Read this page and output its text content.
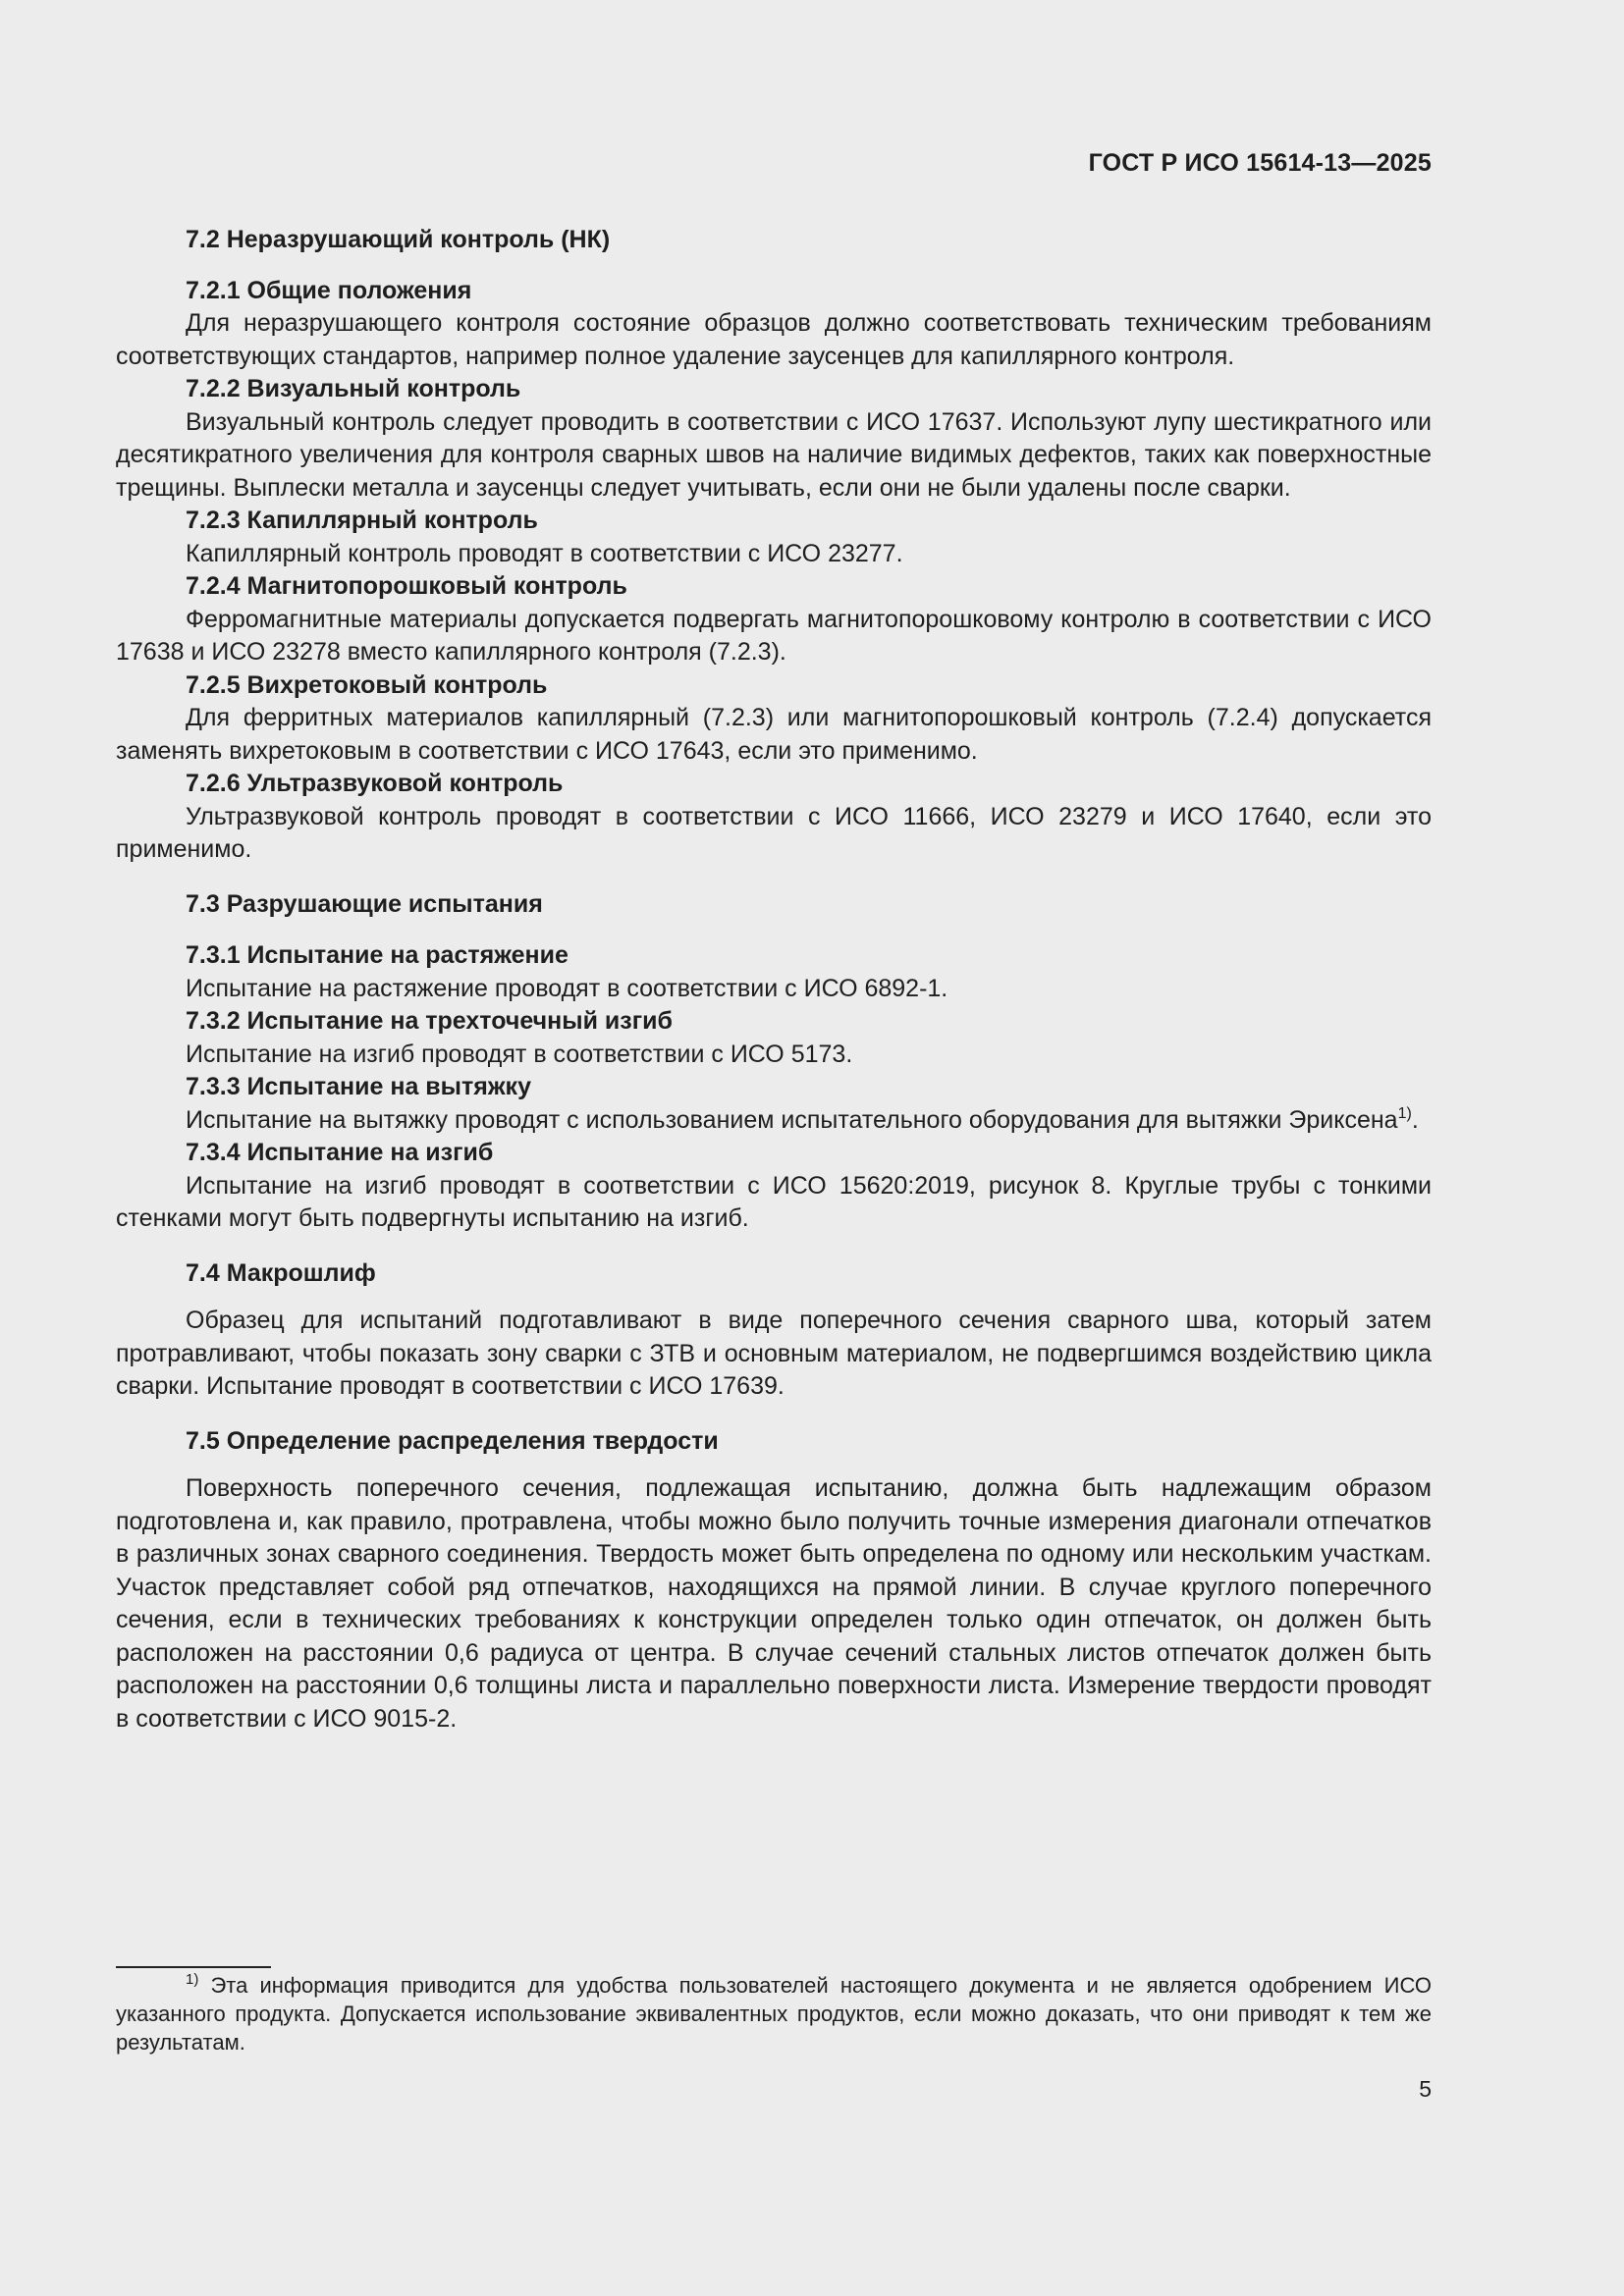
ГОСТ Р ИСО 15614-13—2025

7.2 Неразрушающий контроль (НК)

7.2.1 Общие положения

Для неразрушающего контроля состояние образцов должно соответствовать техническим требованиям соответствующих стандартов, например полное удаление заусенцев для капиллярного контроля.

7.2.2 Визуальный контроль

Визуальный контроль следует проводить в соответствии с ИСО 17637. Используют лупу шестикратного или десятикратного увеличения для контроля сварных швов на наличие видимых дефектов, таких как поверхностные трещины. Выплески металла и заусенцы следует учитывать, если они не были удалены после сварки.

7.2.3 Капиллярный контроль

Капиллярный контроль проводят в соответствии с ИСО 23277.

7.2.4 Магнитопорошковый контроль

Ферромагнитные материалы допускается подвергать магнитопорошковому контролю в соответствии с ИСО 17638 и ИСО 23278 вместо капиллярного контроля (7.2.3).

7.2.5 Вихретоковый контроль

Для ферритных материалов капиллярный (7.2.3) или магнитопорошковый контроль (7.2.4) допускается заменять вихретоковым в соответствии с ИСО 17643, если это применимо.

7.2.6 Ультразвуковой контроль

Ультразвуковой контроль проводят в соответствии с ИСО 11666, ИСО 23279 и ИСО 17640, если это применимо.

7.3 Разрушающие испытания

7.3.1 Испытание на растяжение

Испытание на растяжение проводят в соответствии с ИСО 6892-1.

7.3.2 Испытание на трехточечный изгиб

Испытание на изгиб проводят в соответствии с ИСО 5173.

7.3.3 Испытание на вытяжку

Испытание на вытяжку проводят с использованием испытательного оборудования для вытяжки Эриксена$^{1)}$.

7.3.4 Испытание на изгиб

Испытание на изгиб проводят в соответствии с ИСО 15620:2019, рисунок 8. Круглые трубы с тонкими стенками могут быть подвергнуты испытанию на изгиб.

7.4 Макрошлиф

Образец для испытаний подготавливают в виде поперечного сечения сварного шва, который затем протравливают, чтобы показать зону сварки с ЗТВ и основным материалом, не подвергшимся воздействию цикла сварки. Испытание проводят в соответствии с ИСО 17639.

7.5 Определение распределения твердости

Поверхность поперечного сечения, подлежащая испытанию, должна быть надлежащим образом подготовлена и, как правило, протравлена, чтобы можно было получить точные измерения диагонали отпечатков в различных зонах сварного соединения. Твердость может быть определена по одному или нескольким участкам. Участок представляет собой ряд отпечатков, находящихся на прямой линии. В случае круглого поперечного сечения, если в технических требованиях к конструкции определен только один отпечаток, он должен быть расположен на расстоянии 0,6 радиуса от центра. В случае сечений стальных листов отпечаток должен быть расположен на расстоянии 0,6 толщины листа и параллельно поверхности листа. Измерение твердости проводят в соответствии с ИСО 9015-2.

$^{1)}$ Эта информация приводится для удобства пользователей настоящего документа и не является одобрением ИСО указанного продукта. Допускается использование эквивалентных продуктов, если можно доказать, что они приводят к тем же результатам.
5
